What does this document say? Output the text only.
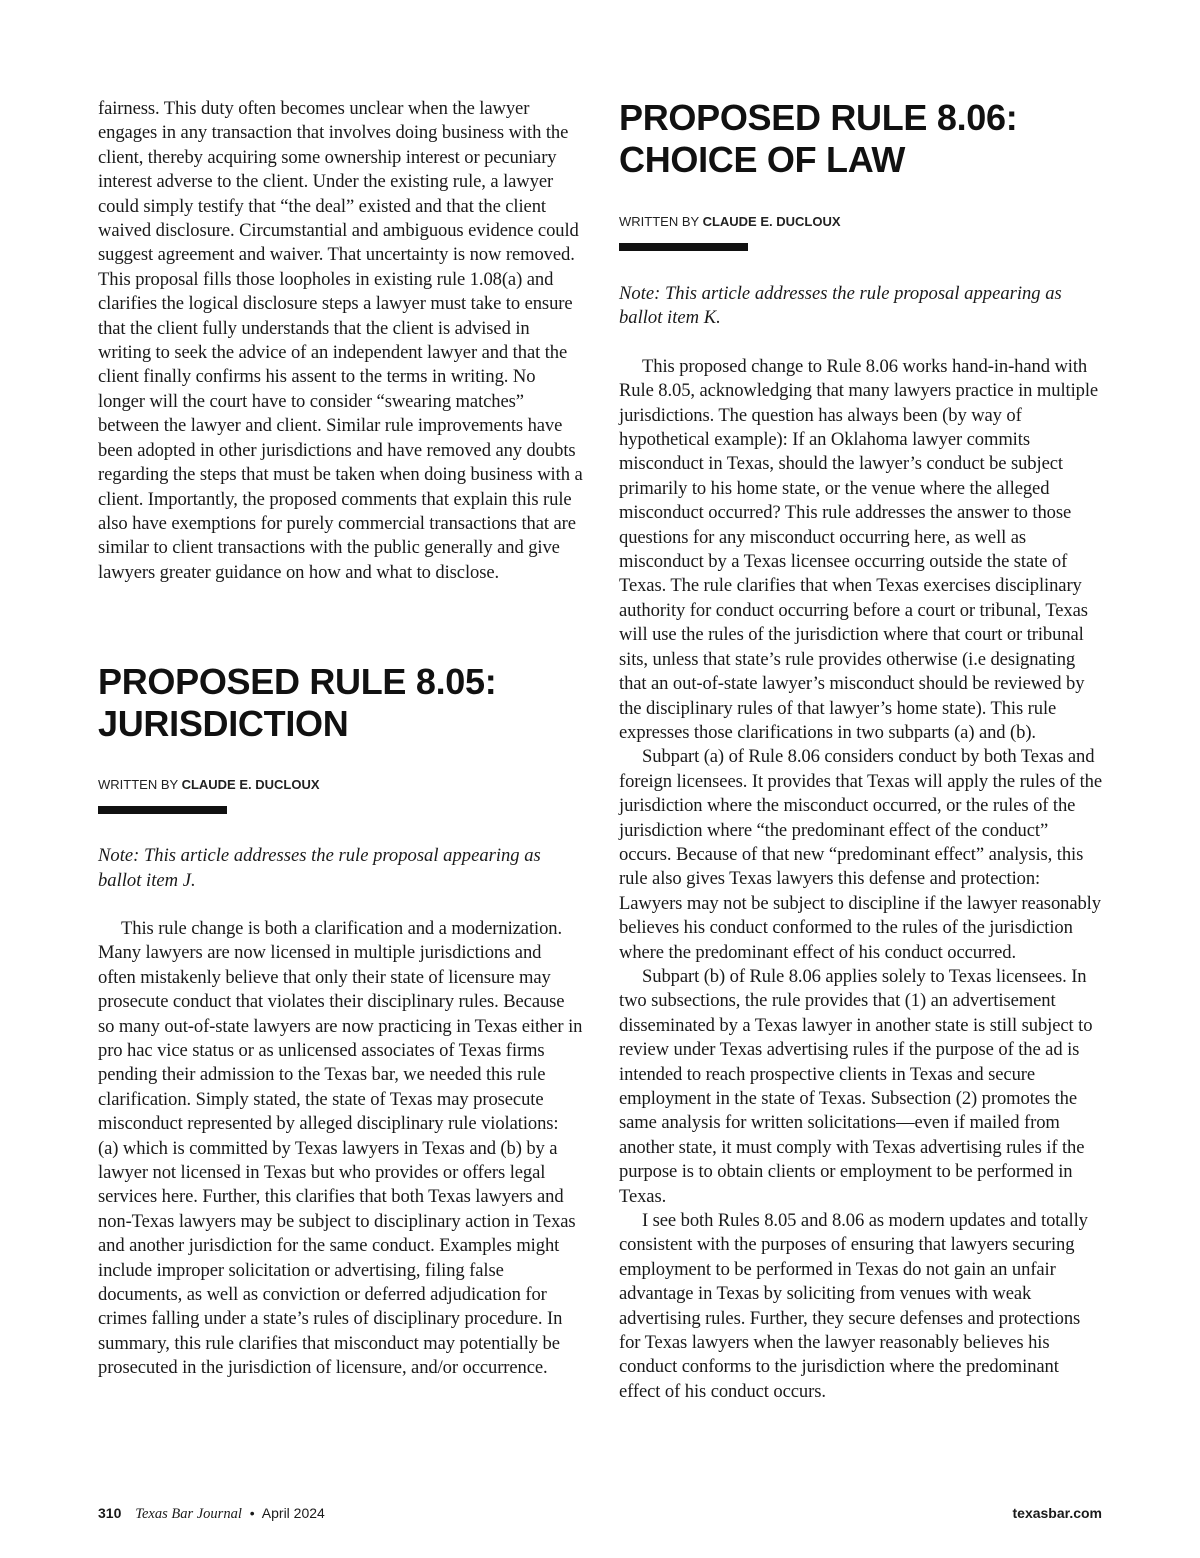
fairness. This duty often becomes unclear when the lawyer engages in any transaction that involves doing business with the client, thereby acquiring some ownership interest or pecuniary interest adverse to the client. Under the existing rule, a lawyer could simply testify that “the deal” existed and that the client waived disclosure. Circumstantial and ambiguous evidence could suggest agreement and waiver. That uncertainty is now removed. This proposal fills those loopholes in existing rule 1.08(a) and clarifies the logical disclosure steps a lawyer must take to ensure that the client fully understands that the client is advised in writing to seek the advice of an independent lawyer and that the client finally confirms his assent to the terms in writing. No longer will the court have to consider “swearing matches” between the lawyer and client. Similar rule improvements have been adopted in other jurisdictions and have removed any doubts regarding the steps that must be taken when doing business with a client. Importantly, the proposed comments that explain this rule also have exemptions for purely commercial transactions that are similar to client transactions with the public generally and give lawyers greater guidance on how and what to disclose.

PROPOSED RULE 8.05:
JURISDICTION

WRITTEN BY CLAUDE E. DUCLOUX

Note: This article addresses the rule proposal appearing as ballot item J.

This rule change is both a clarification and a modernization. Many lawyers are now licensed in multiple jurisdictions and often mistakenly believe that only their state of licensure may prosecute conduct that violates their disciplinary rules. Because so many out-of-state lawyers are now practicing in Texas either in pro hac vice status or as unlicensed associates of Texas firms pending their admission to the Texas bar, we needed this rule clarification. Simply stated, the state of Texas may prosecute misconduct represented by alleged disciplinary rule violations: (a) which is committed by Texas lawyers in Texas and (b) by a lawyer not licensed in Texas but who provides or offers legal services here. Further, this clarifies that both Texas lawyers and non-Texas lawyers may be subject to disciplinary action in Texas and another jurisdiction for the same conduct. Examples might include improper solicitation or advertising, filing false documents, as well as conviction or deferred adjudication for crimes falling under a state’s rules of disciplinary procedure. In summary, this rule clarifies that misconduct may potentially be prosecuted in the jurisdiction of licensure, and/or occurrence.

PROPOSED RULE 8.06:
CHOICE OF LAW

WRITTEN BY CLAUDE E. DUCLOUX

Note: This article addresses the rule proposal appearing as ballot item K.

This proposed change to Rule 8.06 works hand-in-hand with Rule 8.05, acknowledging that many lawyers practice in multiple jurisdictions. The question has always been (by way of hypothetical example): If an Oklahoma lawyer commits misconduct in Texas, should the lawyer’s conduct be subject primarily to his home state, or the venue where the alleged misconduct occurred? This rule addresses the answer to those questions for any misconduct occurring here, as well as misconduct by a Texas licensee occurring outside the state of Texas. The rule clarifies that when Texas exercises disciplinary authority for conduct occurring before a court or tribunal, Texas will use the rules of the jurisdiction where that court or tribunal sits, unless that state’s rule provides otherwise (i.e designating that an out-of-state lawyer’s misconduct should be reviewed by the disciplinary rules of that lawyer’s home state). This rule expresses those clarifications in two subparts (a) and (b).

Subpart (a) of Rule 8.06 considers conduct by both Texas and foreign licensees. It provides that Texas will apply the rules of the jurisdiction where the misconduct occurred, or the rules of the jurisdiction where “the predominant effect of the conduct” occurs. Because of that new “predominant effect” analysis, this rule also gives Texas lawyers this defense and protection: Lawyers may not be subject to discipline if the lawyer reasonably believes his conduct conformed to the rules of the jurisdiction where the predominant effect of his conduct occurred.

Subpart (b) of Rule 8.06 applies solely to Texas licensees. In two subsections, the rule provides that (1) an advertisement disseminated by a Texas lawyer in another state is still subject to review under Texas advertising rules if the purpose of the ad is intended to reach prospective clients in Texas and secure employment in the state of Texas. Subsection (2) promotes the same analysis for written solicitations—even if mailed from another state, it must comply with Texas advertising rules if the purpose is to obtain clients or employment to be performed in Texas.

I see both Rules 8.05 and 8.06 as modern updates and totally consistent with the purposes of ensuring that lawyers securing employment to be performed in Texas do not gain an unfair advantage in Texas by soliciting from venues with weak advertising rules. Further, they secure defenses and protections for Texas lawyers when the lawyer reasonably believes his conduct conforms to the jurisdiction where the predominant effect of his conduct occurs.

310 Texas Bar Journal • April 2024	texasbar.com
